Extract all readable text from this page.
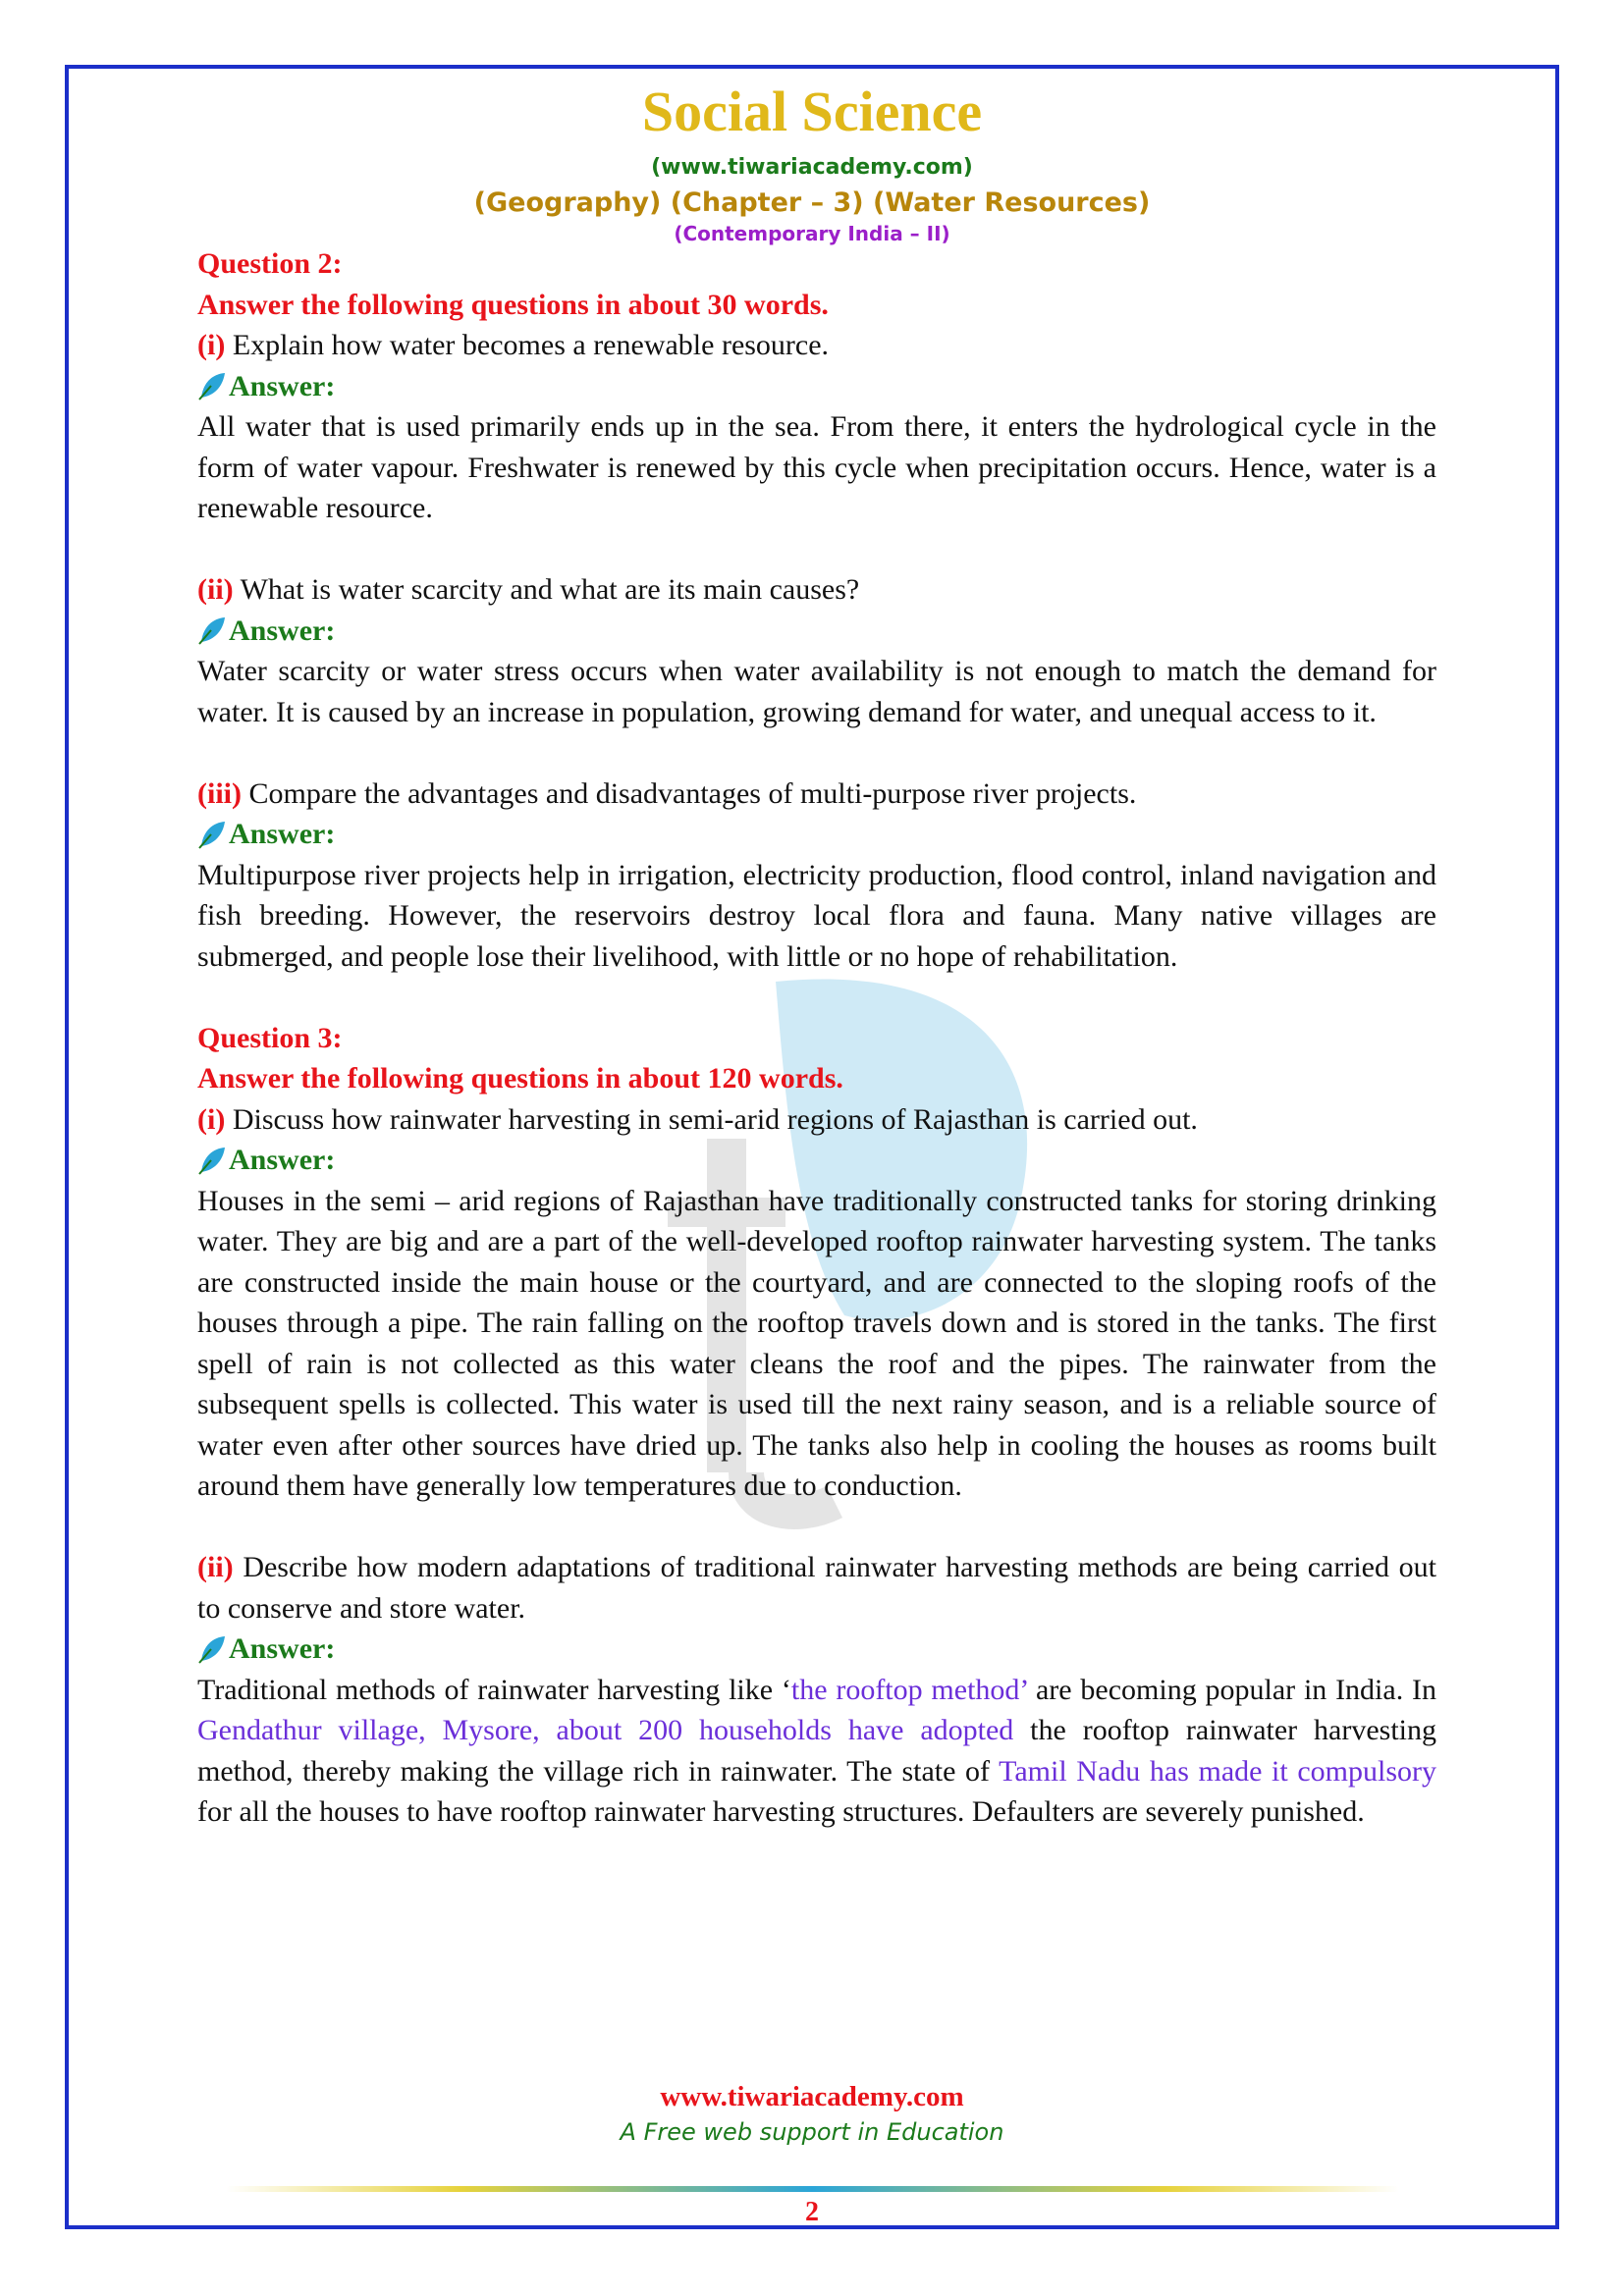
Social Science
(www.tiwariacademy.com)
(Geography) (Chapter – 3) (Water Resources)
(Contemporary India – II)

Question 2:

Answer the following questions in about 30 words.

(i) Explain how water becomes a renewable resource.

Answer:

All water that is used primarily ends up in the sea. From there, it enters the hydrological cycle in the form of water vapour. Freshwater is renewed by this cycle when precipitation occurs. Hence, water is a renewable resource.

(ii) What is water scarcity and what are its main causes?

Answer:

Water scarcity or water stress occurs when water availability is not enough to match the demand for water. It is caused by an increase in population, growing demand for water, and unequal access to it.

(iii) Compare the advantages and disadvantages of multi-purpose river projects.

Answer:

Multipurpose river projects help in irrigation, electricity production, flood control, inland navigation and fish breeding. However, the reservoirs destroy local flora and fauna. Many native villages are submerged, and people lose their livelihood, with little or no hope of rehabilitation.

Question 3:

Answer the following questions in about 120 words.

(i) Discuss how rainwater harvesting in semi-arid regions of Rajasthan is carried out.

Answer:

Houses in the semi – arid regions of Rajasthan have traditionally constructed tanks for storing drinking water. They are big and are a part of the well-developed rooftop rainwater harvesting system. The tanks are constructed inside the main house or the courtyard, and are connected to the sloping roofs of the houses through a pipe. The rain falling on the rooftop travels down and is stored in the tanks. The first spell of rain is not collected as this water cleans the roof and the pipes. The rainwater from the subsequent spells is collected. This water is used till the next rainy season, and is a reliable source of water even after other sources have dried up. The tanks also help in cooling the houses as rooms built around them have generally low temperatures due to conduction.

(ii) Describe how modern adaptations of traditional rainwater harvesting methods are being carried out to conserve and store water.

Answer:

Traditional methods of rainwater harvesting like ‘the rooftop method’ are becoming popular in India. In Gendathur village, Mysore, about 200 households have adopted the rooftop rainwater harvesting method, thereby making the village rich in rainwater. The state of Tamil Nadu has made it compulsory for all the houses to have rooftop rainwater harvesting structures. Defaulters are severely punished.

www.tiwariacademy.com
A Free web support in Education
2
